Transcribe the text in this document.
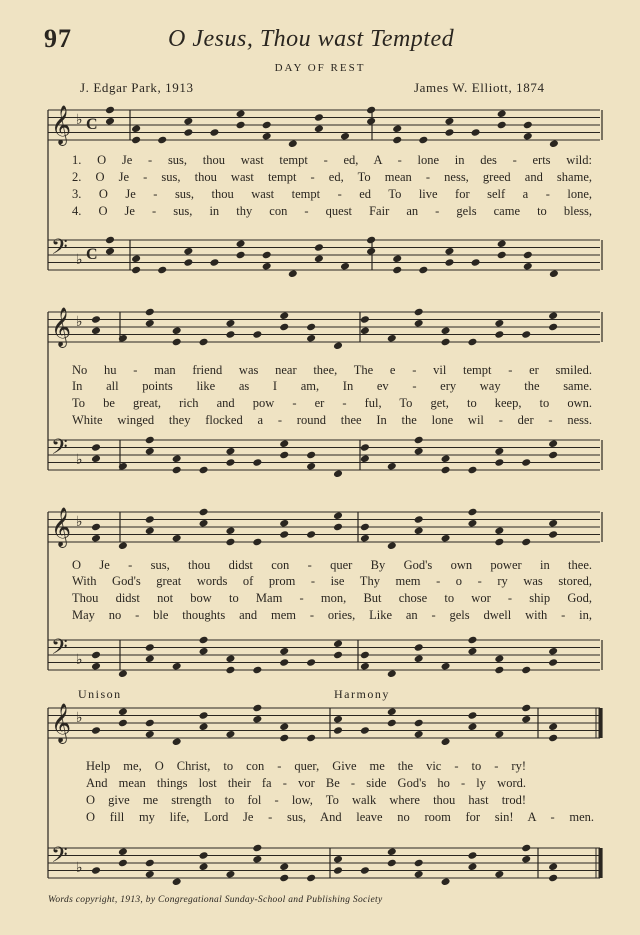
97	O Jesus, Thou wast Tempted
DAY OF REST
J. Edgar Park, 1913	James W. Elliott, 1874
𝄞 ♭
𝄢 ♭
𝄞 ♭
𝄢 ♭
𝄞 ♭
𝄢 ♭
𝄞 ♭
𝄢 ♭
C
C
1. O Je - sus, thou wast tempt - ed, A - lone in des - erts wild:
2. O Je - sus, thou wast tempt - ed, To mean - ness, greed and shame,
3. O Je - sus, thou wast tempt - ed To live for self a - lone,
4. O Je - sus, in thy con - quest Fair an - gels came to bless,
No hu - man friend was near thee, The e - vil tempt - er smiled.
In all points like as I am, In ev - ery way the same.
To be great, rich and pow - er - ful, To get, to keep, to own.
White winged they flocked a - round thee In the lone wil - der - ness.
O Je - sus, thou didst con - quer By God's own power in thee.
With God's great words of prom - ise Thy mem - o - ry was stored,
Thou didst not bow to Mam - mon, But chose to wor - ship God,
May no - ble thoughts and mem - ories, Like an - gels dwell with - in,
Unison	Harmony
Help me, O Christ, to con - quer, Give me the vic - to - ry!
And mean things lost their fa - vor Be - side God's ho - ly word.
O give me strength to fol - low, To walk where thou hast trod!
O fill my life, Lord Je - sus, And leave no room for sin! A - men.
Words copyright, 1913, by Congregational Sunday-School and Publishing Society
